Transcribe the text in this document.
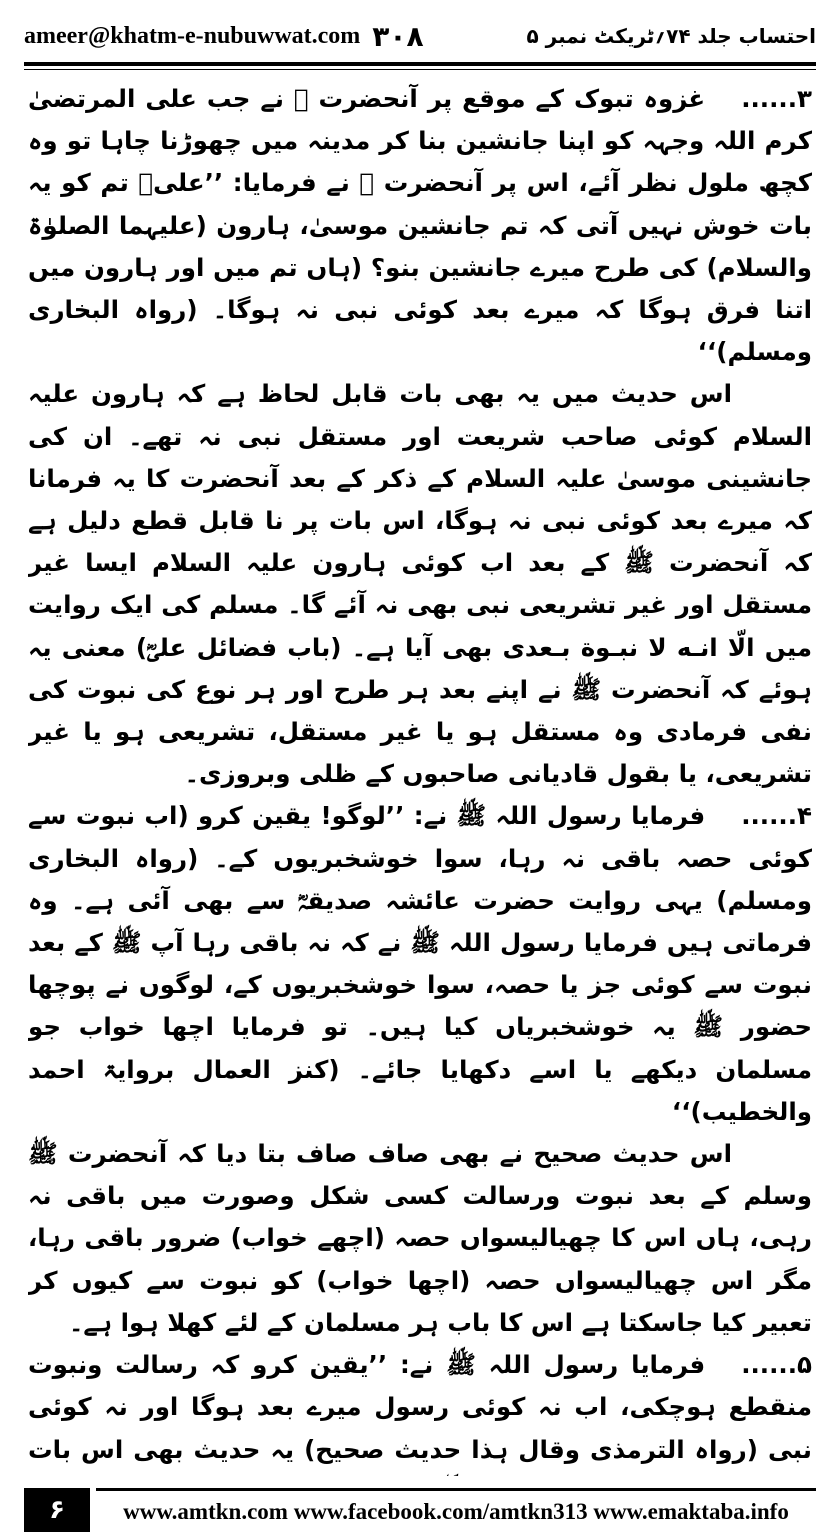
ameer@khatm-e-nubuwwat.com ۳۰۸	احتساب جلد ۷۴؍ٹریکٹ نمبر ۵

۳......غزوہ تبوک کے موقع پر آنحضرت ﷺ نے جب علی المرتضیٰ کرم اللہ وجہہ کو اپنا جانشین بنا کر مدینہ میں چھوڑنا چاہا تو وہ کچھ ملول نظر آئے، اس پر آنحضرت ﷺ نے فرمایا: ’’علیؓ تم کو یہ بات خوش نہیں آتی کہ تم جانشین موسیٰ، ہارون (علیہما الصلوٰۃ والسلام) کی طرح میرے جانشین بنو؟ (ہاں تم میں اور ہارون میں اتنا فرق ہوگا کہ میرے بعد کوئی نبی نہ ہوگا۔ (رواہ البخاری ومسلم)‘‘

اس حدیث میں یہ بھی بات قابل لحاظ ہے کہ ہارون علیہ السلام کوئی صاحب شریعت اور مستقل نبی نہ تھے۔ ان کی جانشینی موسیٰ علیہ السلام کے ذکر کے بعد آنحضرت کا یہ فرمانا کہ میرے بعد کوئی نبی نہ ہوگا، اس بات پر نا قابل قطع دلیل ہے کہ آنحضرت ﷺ کے بعد اب کوئی ہارون علیہ السلام ایسا غیر مستقل اور غیر تشریعی نبی بھی نہ آئے گا۔ مسلم کی ایک روایت میں الّا انـه لا نبـوة بـعدی بھی آیا ہے۔ (باب فضائل علیؓ) معنی یہ ہوئے کہ آنحضرت ﷺ نے اپنے بعد ہر طرح اور ہر نوع کی نبوت کی نفی فرمادی وہ مستقل ہو یا غیر مستقل، تشریعی ہو یا غیر تشریعی، یا بقول قادیانی صاحبوں کے ظلی وبروزی۔

۴......فرمایا رسول اللہ ﷺ نے: ’’لوگو! یقین کرو (اب نبوت سے کوئی حصہ باقی نہ رہا، سوا خوشخبریوں کے۔ (رواہ البخاری ومسلم) یہی روایت حضرت عائشہ صدیقہؓ سے بھی آئی ہے۔ وہ فرماتی ہیں فرمایا رسول اللہ ﷺ نے کہ نہ باقی رہا آپ ﷺ کے بعد نبوت سے کوئی جز یا حصہ، سوا خوشخبریوں کے، لوگوں نے پوچھا حضور ﷺ یہ خوشخبریاں کیا ہیں۔ تو فرمایا اچھا خواب جو مسلمان دیکھے یا اسے دکھایا جائے۔ (کنز العمال بروایۃ احمد والخطیب)‘‘

اس حدیث صحیح نے بھی صاف صاف بتا دیا کہ آنحضرت ﷺ وسلم کے بعد نبوت ورسالت کسی شکل وصورت میں باقی نہ رہی، ہاں اس کا چھیالیسواں حصہ (اچھے خواب) ضرور باقی رہا، مگر اس چھیالیسواں حصہ (اچھا خواب) کو نبوت سے کیوں کر تعبیر کیا جاسکتا ہے اس کا باب ہر مسلمان کے لئے کھلا ہوا ہے۔

۵......فرمایا رسول اللہ ﷺ نے: ’’یقین کرو کہ رسالت ونبوت منقطع ہوچکی، اب نہ کوئی رسول میرے بعد ہوگا اور نہ کوئی نبی (رواہ الترمذی وقال ہذا حدیث صحیح) یہ حدیث بھی اس بات

۶	www.amtkn.com www.facebook.com/amtkn313 www.emaktaba.info
